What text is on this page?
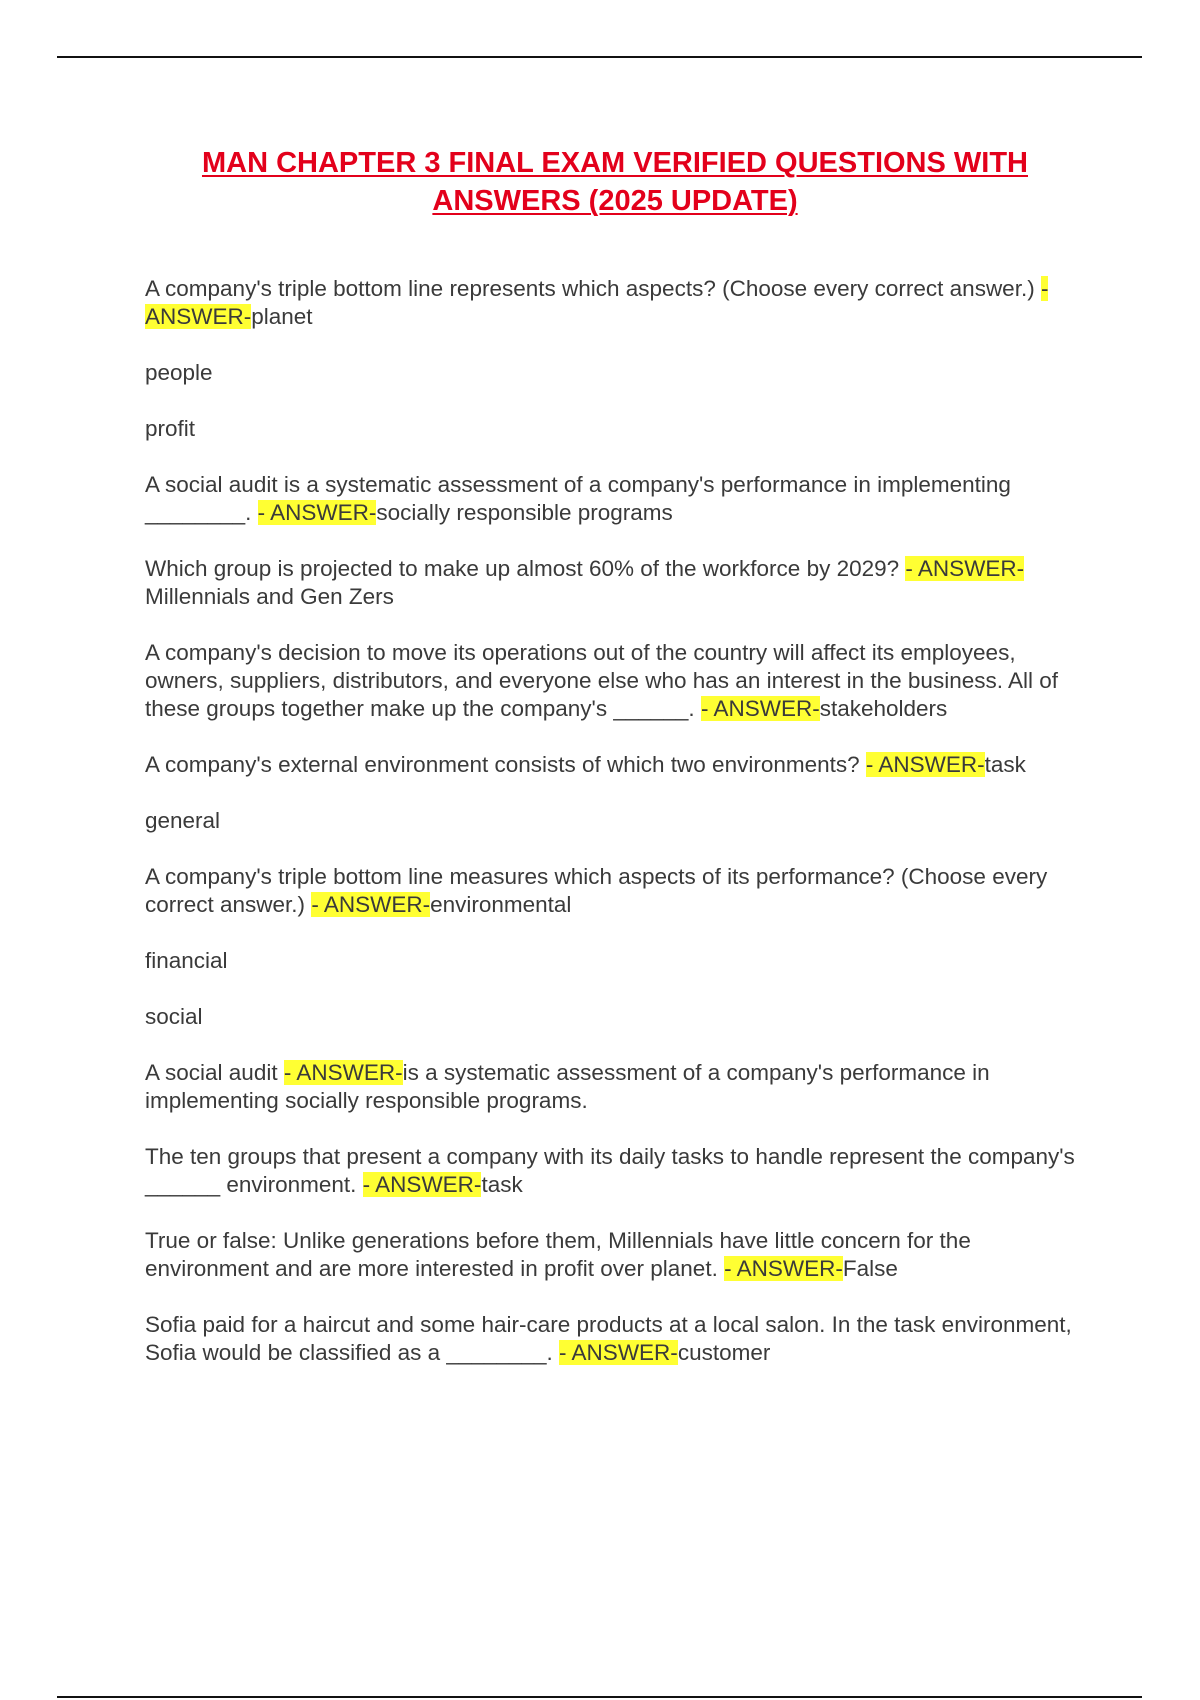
MAN CHAPTER 3 FINAL EXAM VERIFIED QUESTIONS WITH
ANSWERS (2025 UPDATE)

A company's triple bottom line represents which aspects? (Choose every correct answer.) - ANSWER-planet

people

profit

A social audit is a systematic assessment of a company's performance in implementing ________. - ANSWER-socially responsible programs

Which group is projected to make up almost 60% of the workforce by 2029? - ANSWER-Millennials and Gen Zers

A company's decision to move its operations out of the country will affect its employees, owners, suppliers, distributors, and everyone else who has an interest in the business. All of these groups together make up the company's ______. - ANSWER-stakeholders

A company's external environment consists of which two environments? - ANSWER-task

general

A company's triple bottom line measures which aspects of its performance? (Choose every correct answer.) - ANSWER-environmental

financial

social

A social audit - ANSWER-is a systematic assessment of a company's performance in implementing socially responsible programs.

The ten groups that present a company with its daily tasks to handle represent the company's ______ environment. - ANSWER-task

True or false: Unlike generations before them, Millennials have little concern for the environment and are more interested in profit over planet. - ANSWER-False

Sofia paid for a haircut and some hair-care products at a local salon. In the task environment, Sofia would be classified as a ________. - ANSWER-customer
